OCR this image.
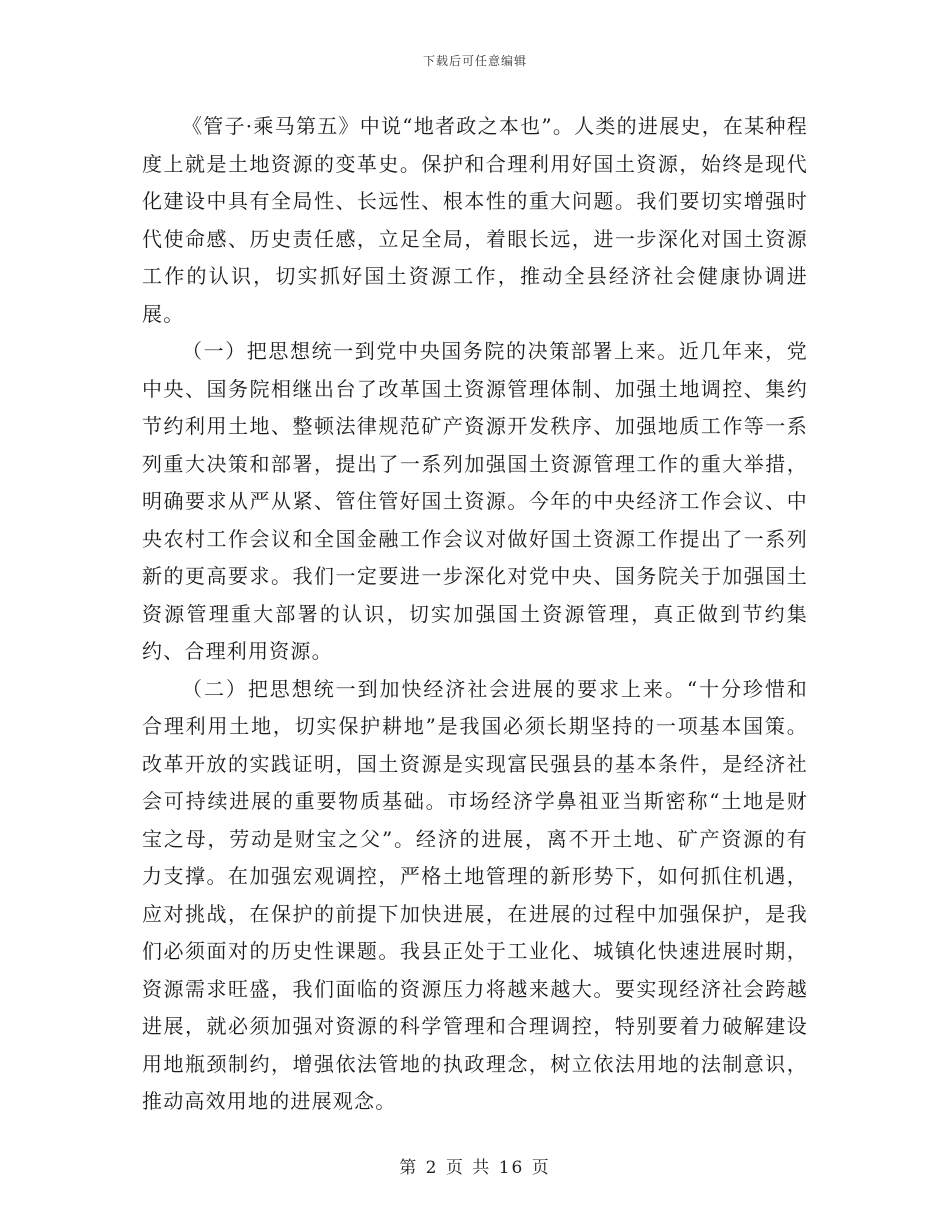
下载后可任意编辑

《管子·乘马第五》中说“地者政之本也”。人类的进展史，在某种程度上就是土地资源的变革史。保护和合理利用好国土资源，始终是现代化建设中具有全局性、长远性、根本性的重大问题。我们要切实增强时代使命感、历史责任感，立足全局，着眼长远，进一步深化对国土资源工作的认识，切实抓好国土资源工作，推动全县经济社会健康协调进展。

（一）把思想统一到党中央国务院的决策部署上来。近几年来，党中央、国务院相继出台了改革国土资源管理体制、加强土地调控、集约节约利用土地、整顿法律规范矿产资源开发秩序、加强地质工作等一系列重大决策和部署，提出了一系列加强国土资源管理工作的重大举措，明确要求从严从紧、管住管好国土资源。今年的中央经济工作会议、中央农村工作会议和全国金融工作会议对做好国土资源工作提出了一系列新的更高要求。我们一定要进一步深化对党中央、国务院关于加强国土资源管理重大部署的认识，切实加强国土资源管理，真正做到节约集约、合理利用资源。

（二）把思想统一到加快经济社会进展的要求上来。“十分珍惜和合理利用土地，切实保护耕地”是我国必须长期坚持的一项基本国策。改革开放的实践证明，国土资源是实现富民强县的基本条件，是经济社会可持续进展的重要物质基础。市场经济学鼻祖亚当斯密称“土地是财宝之母，劳动是财宝之父”。经济的进展，离不开土地、矿产资源的有力支撑。在加强宏观调控，严格土地管理的新形势下，如何抓住机遇，应对挑战，在保护的前提下加快进展，在进展的过程中加强保护，是我们必须面对的历史性课题。我县正处于工业化、城镇化快速进展时期，资源需求旺盛，我们面临的资源压力将越来越大。要实现经济社会跨越进展，就必须加强对资源的科学管理和合理调控，特别要着力破解建设用地瓶颈制约，增强依法管地的执政理念，树立依法用地的法制意识，推动高效用地的进展观念。

第 2 页 共 16 页
